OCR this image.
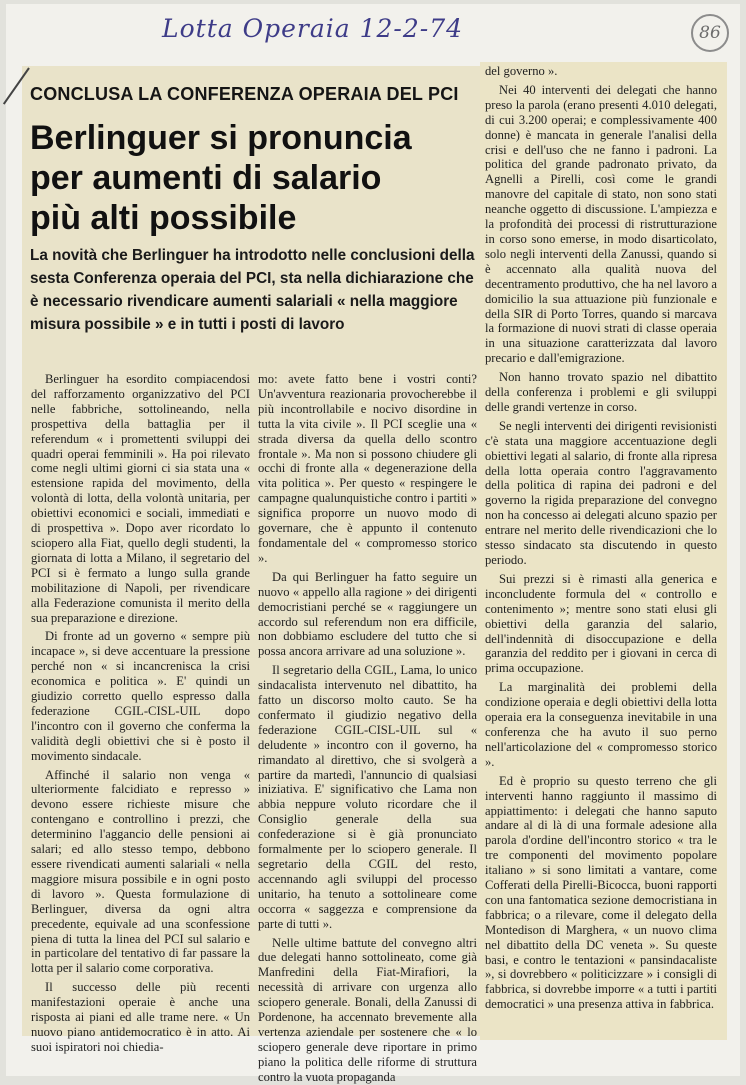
Lotta Operaia 12-2-74	86
CONCLUSA LA CONFERENZA OPERAIA DEL PCI
Berlinguer si pronuncia
per aumenti di salario
più alti possibile

La novità che Berlinguer ha introdotto nelle conclusioni della sesta Conferenza operaia del PCI, sta nella dichiarazione che è necessario rivendicare aumenti salariali « nella maggiore misura possibile » e in tutti i posti di lavoro

Berlinguer ha esordito compiacendosi del rafforzamento organizzativo del PCI nelle fabbriche, sottolineando, nella prospettiva della battaglia per il referendum « i promettenti sviluppi dei quadri operai femminili ». Ha poi rilevato come negli ultimi giorni ci sia stata una « estensione rapida del movimento, della volontà di lotta, della volontà unitaria, per obiettivi economici e sociali, immediati e di prospettiva ». Dopo aver ricordato lo sciopero alla Fiat, quello degli studenti, la giornata di lotta a Milano, il segretario del PCI si è fermato a lungo sulla grande mobilitazione di Napoli, per rivendicare alla Federazione comunista il merito della sua preparazione e direzione.

Di fronte ad un governo « sempre più incapace », si deve accentuare la pressione perché non « si incancrenisca la crisi economica e politica ». E' quindi un giudizio corretto quello espresso dalla federazione CGIL-CISL-UIL dopo l'incontro con il governo che conferma la validità degli obiettivi che si è posto il movimento sindacale.

Affinché il salario non venga « ulteriormente falcidiato e represso » devono essere richieste misure che contengano e controllino i prezzi, che determinino l'aggancio delle pensioni ai salari; ed allo stesso tempo, debbono essere rivendicati aumenti salariali « nella maggiore misura possibile e in ogni posto di lavoro ». Questa formulazione di Berlinguer, diversa da ogni altra precedente, equivale ad una sconfessione piena di tutta la linea del PCI sul salario e in particolare del tentativo di far passare la lotta per il salario come corporativa.

Il successo delle più recenti manifestazioni operaie è anche una risposta ai piani ed alle trame nere. « Un nuovo piano antidemocratico è in atto. Ai suoi ispiratori noi chiedia-

mo: avete fatto bene i vostri conti? Un'avventura reazionaria provocherebbe il più incontrollabile e nocivo disordine in tutta la vita civile ». Il PCI sceglie una « strada diversa da quella dello scontro frontale ». Ma non si possono chiudere gli occhi di fronte alla « degenerazione della vita politica ». Per questo « respingere le campagne qualunquistiche contro i partiti » significa proporre un nuovo modo di governare, che è appunto il contenuto fondamentale del « compromesso storico ».

Da qui Berlinguer ha fatto seguire un nuovo « appello alla ragione » dei dirigenti democristiani perché se « raggiungere un accordo sul referendum non era difficile, non dobbiamo escludere del tutto che si possa ancora arrivare ad una soluzione ».

Il segretario della CGIL, Lama, lo unico sindacalista intervenuto nel dibattito, ha fatto un discorso molto cauto. Se ha confermato il giudizio negativo della federazione CGIL-CISL-UIL sul « deludente » incontro con il governo, ha rimandato al direttivo, che si svolgerà a partire da martedì, l'annuncio di qualsiasi iniziativa. E' significativo che Lama non abbia neppure voluto ricordare che il Consiglio generale della sua confederazione si è già pronunciato formalmente per lo sciopero generale. Il segretario della CGIL del resto, accennando agli sviluppi del processo unitario, ha tenuto a sottolineare come occorra « saggezza e comprensione da parte di tutti ».

Nelle ultime battute del convegno altri due delegati hanno sottolineato, come già Manfredini della Fiat-Mirafiori, la necessità di arrivare con urgenza allo sciopero generale. Bonali, della Zanussi di Pordenone, ha accennato brevemente alla vertenza aziendale per sostenere che « lo sciopero generale deve riportare in primo piano la politica delle riforme di struttura contro la vuota propaganda

del governo ».

Nei 40 interventi dei delegati che hanno preso la parola (erano presenti 4.010 delegati, di cui 3.200 operai; e complessivamente 400 donne) è mancata in generale l'analisi della crisi e dell'uso che ne fanno i padroni. La politica del grande padronato privato, da Agnelli a Pirelli, così come le grandi manovre del capitale di stato, non sono stati neanche oggetto di discussione. L'ampiezza e la profondità dei processi di ristrutturazione in corso sono emerse, in modo disarticolato, solo negli interventi della Zanussi, quando si è accennato alla qualità nuova del decentramento produttivo, che ha nel lavoro a domicilio la sua attuazione più funzionale e della SIR di Porto Torres, quando si marcava la formazione di nuovi strati di classe operaia in una situazione caratterizzata dal lavoro precario e dall'emigrazione.

Non hanno trovato spazio nel dibattito della conferenza i problemi e gli sviluppi delle grandi vertenze in corso.

Se negli interventi dei dirigenti revisionisti c'è stata una maggiore accentuazione degli obiettivi legati al salario, di fronte alla ripresa della lotta operaia contro l'aggravamento della politica di rapina dei padroni e del governo la rigida preparazione del convegno non ha concesso ai delegati alcuno spazio per entrare nel merito delle rivendicazioni che lo stesso sindacato sta discutendo in questo periodo.

Sui prezzi si è rimasti alla generica e inconcludente formula del « controllo e contenimento »; mentre sono stati elusi gli obiettivi della garanzia del salario, dell'indennità di disoccupazione e della garanzia del reddito per i giovani in cerca di prima occupazione.

La marginalità dei problemi della condizione operaia e degli obiettivi della lotta operaia era la conseguenza inevitabile in una conferenza che ha avuto il suo perno nell'articolazione del « compromesso storico ».

Ed è proprio su questo terreno che gli interventi hanno raggiunto il massimo di appiattimento: i delegati che hanno saputo andare al di là di una formale adesione alla parola d'ordine dell'incontro storico « tra le tre componenti del movimento popolare italiano » si sono limitati a vantare, come Cofferati della Pirelli-Bicocca, buoni rapporti con una fantomatica sezione democristiana in fabbrica; o a rilevare, come il delegato della Montedison di Marghera, « un nuovo clima nel dibattito della DC veneta ». Su queste basi, e contro le tentazioni « pansindacaliste », si dovrebbero « politicizzare » i consigli di fabbrica, si dovrebbe imporre « a tutti i partiti democratici » una presenza attiva in fabbrica.
